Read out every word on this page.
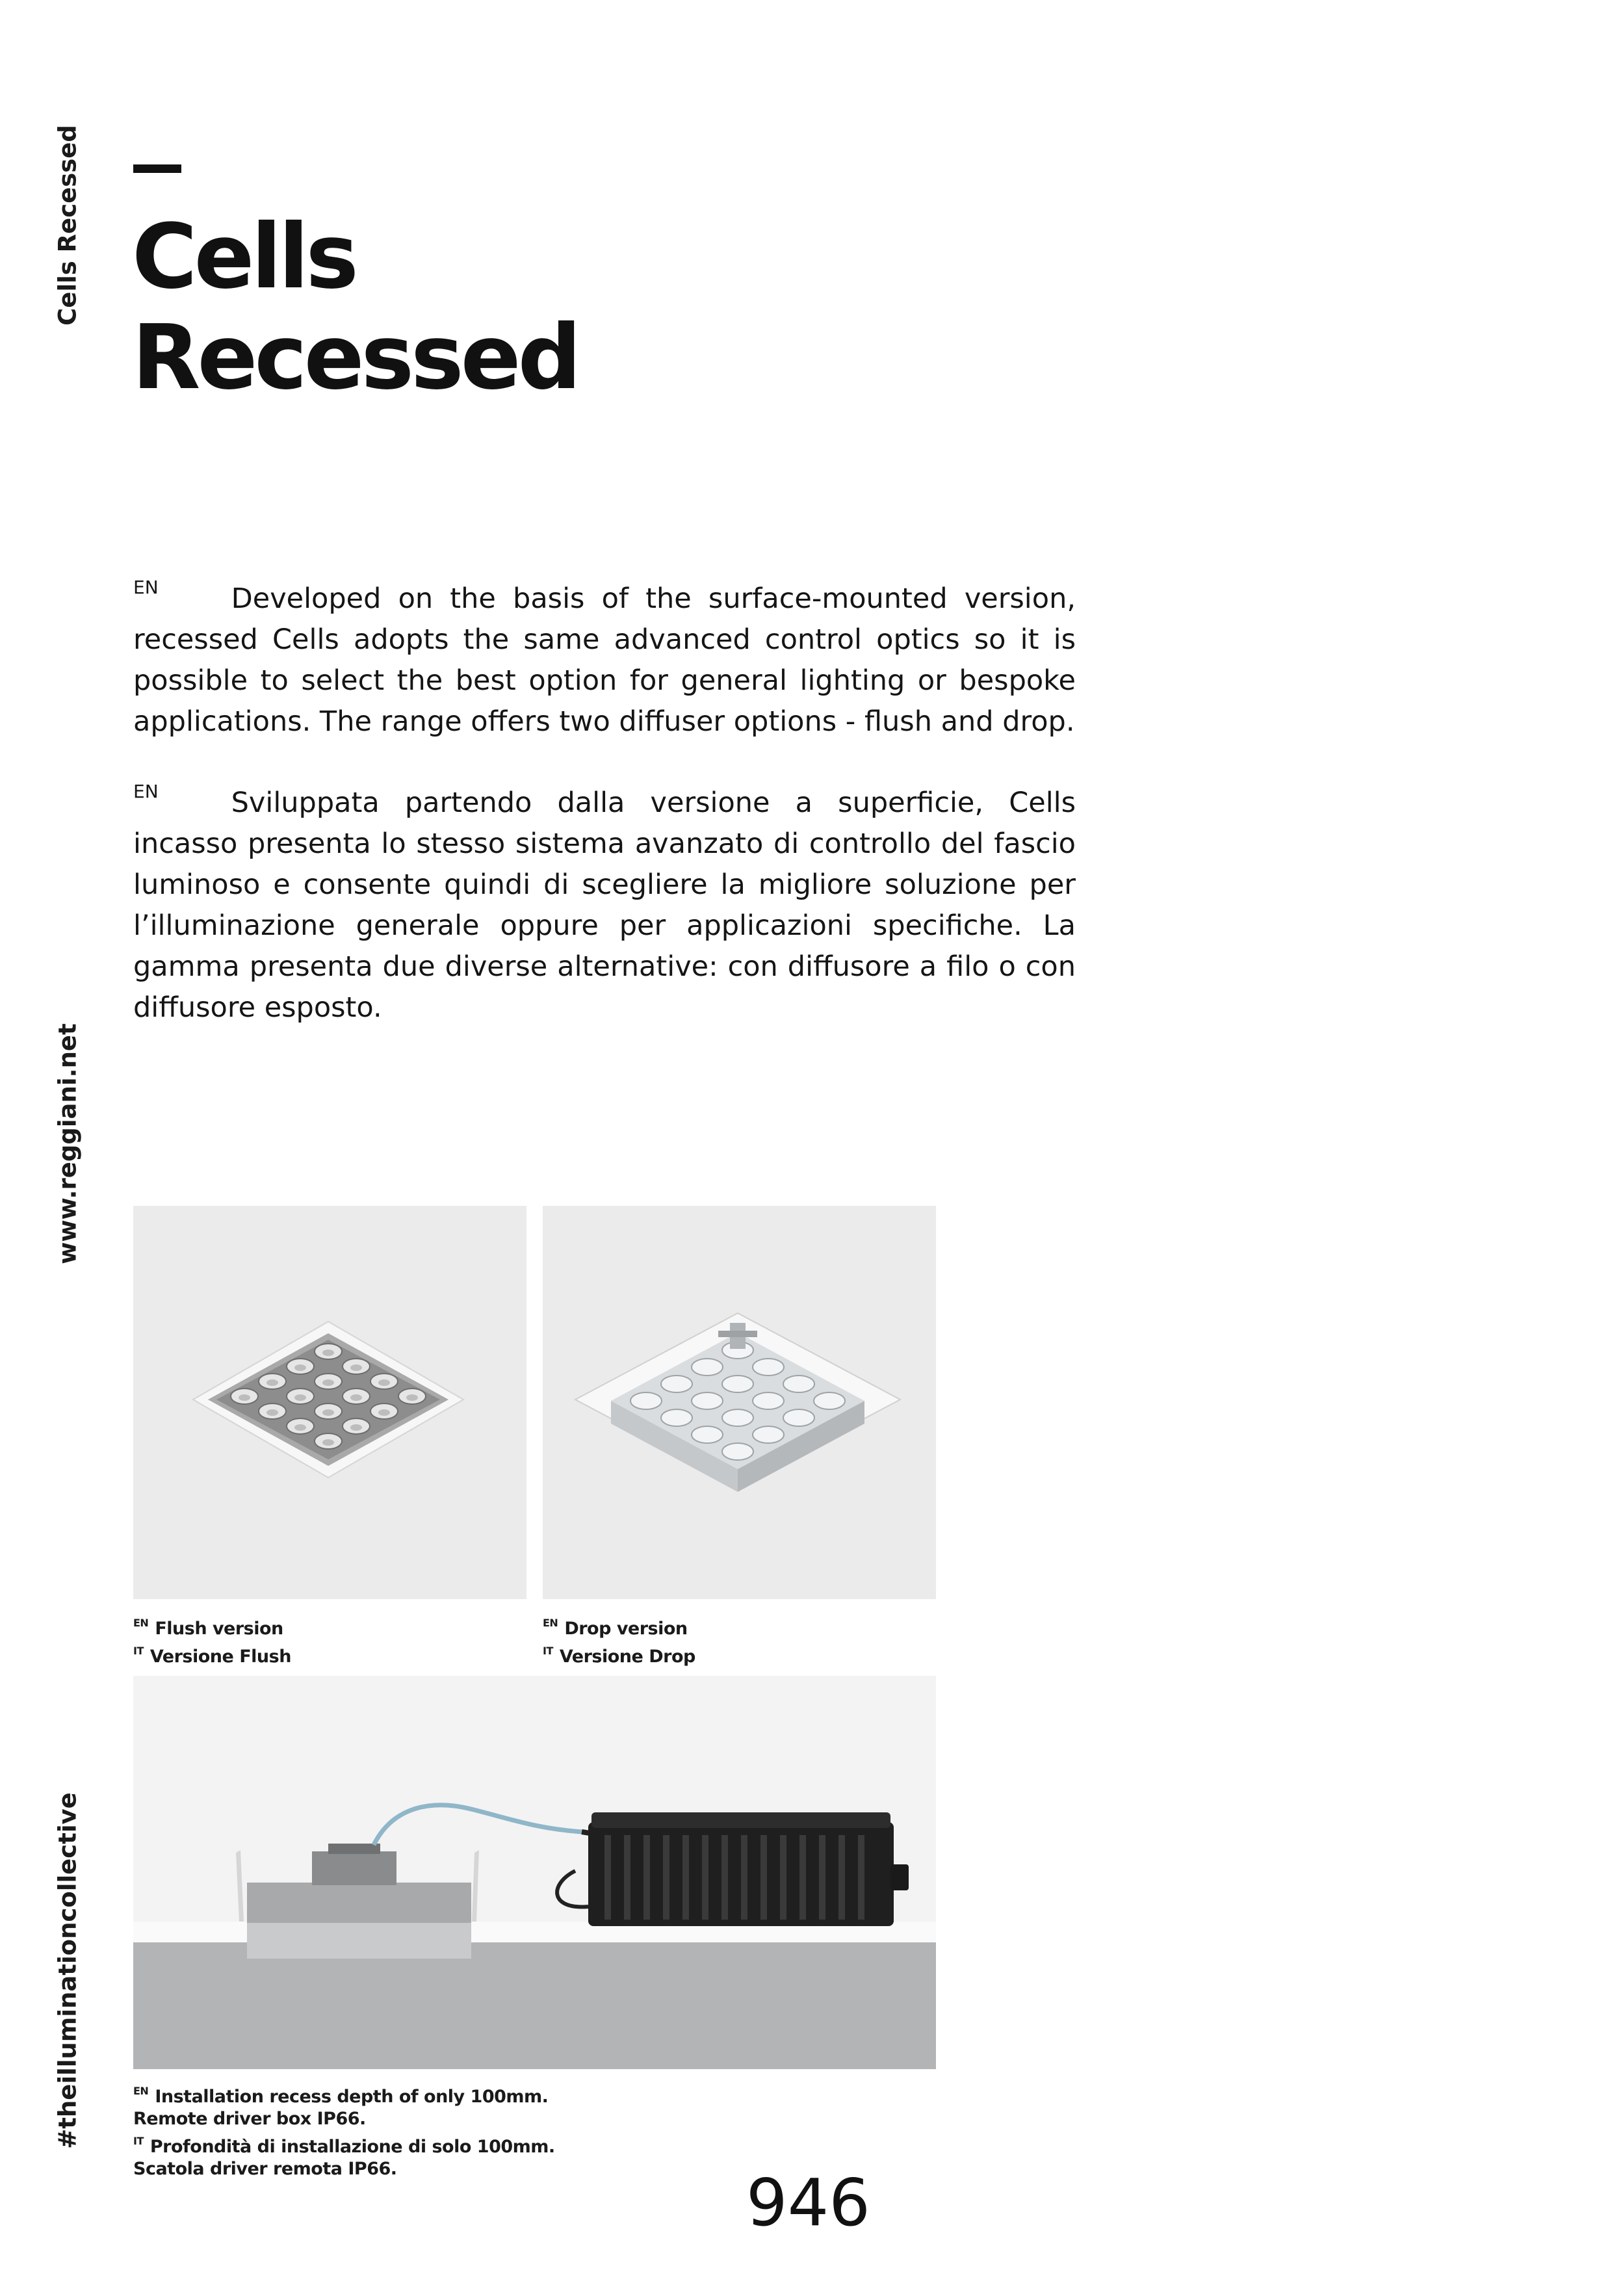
Cells Recessed
www.reggiani.net
#theilluminationcollective
Cells
Recessed

$^{EN}$	Developed on the basis of the surface-mounted version, recessed Cells adopts the same advanced control optics so it is possible to select the best option for general lighting or bespoke applications. The range offers two diffuser options - flush and drop.

$^{EN}$	Sviluppata partendo dalla versione a superficie, Cells incasso presenta lo stesso sistema avanzato di controllo del fascio luminoso e consente quindi di scegliere la migliore soluzione per l’illuminazione generale oppure per applicazioni specifiche. La gamma presenta due diverse alternative: con diffusore a filo o con diffusore esposto.

$^{EN}$ Flush version
$^{IT}$ Versione Flush
$^{EN}$ Drop version
$^{IT}$ Versione Drop
$^{EN}$ Installation recess depth of only 100mm.
Remote driver box IP66.
$^{IT}$ Profondità di installazione di solo 100mm.
Scatola driver remota IP66.	946
